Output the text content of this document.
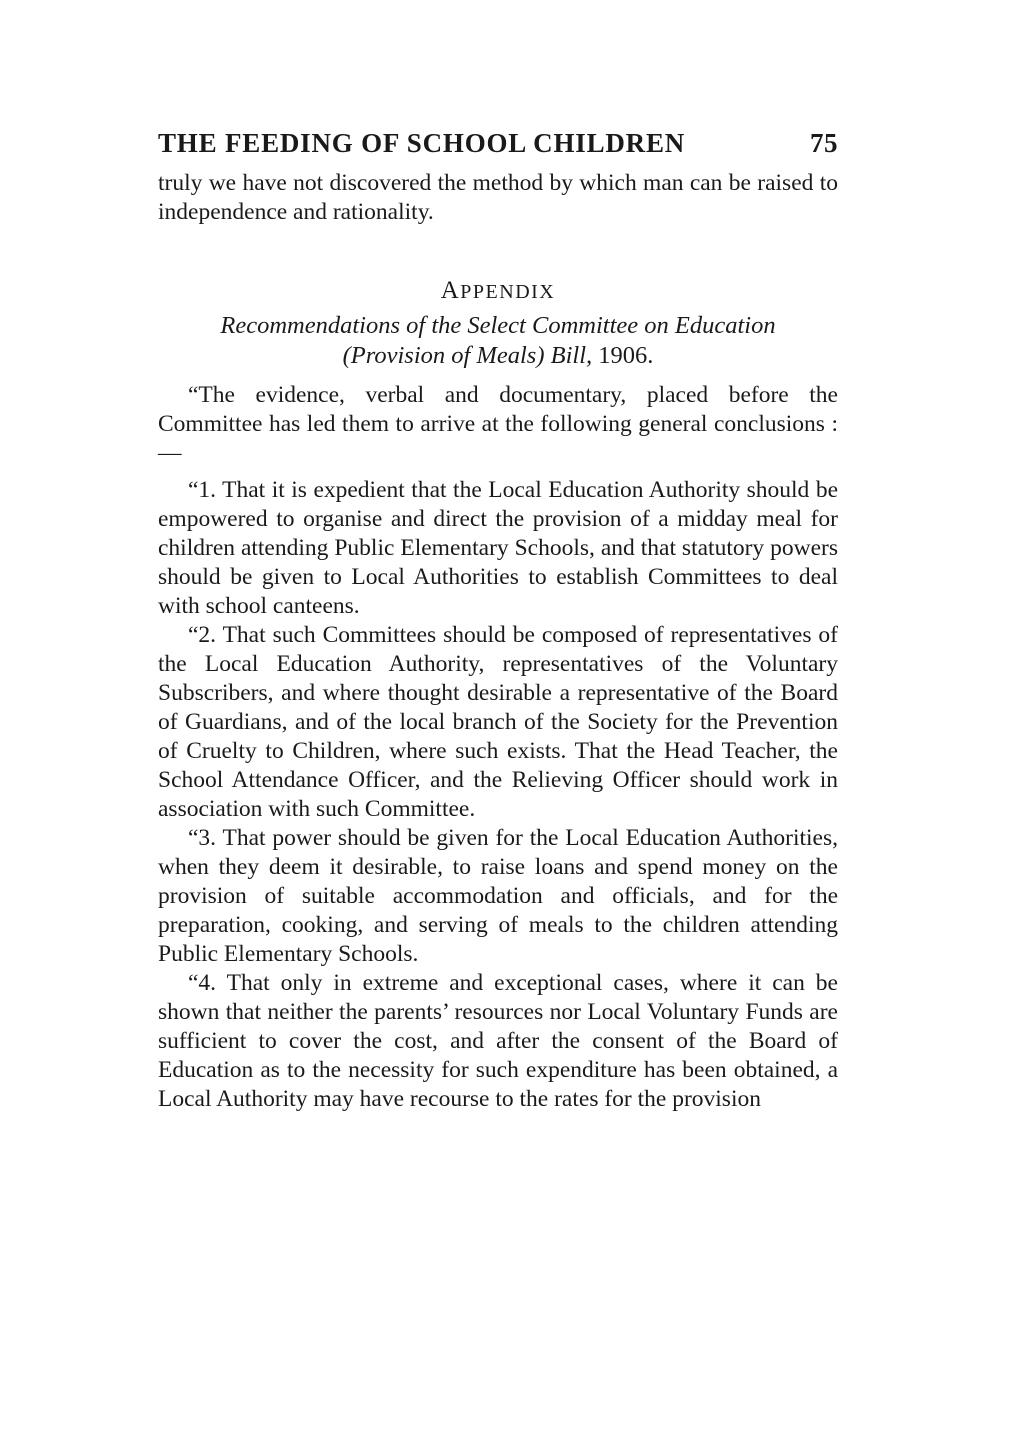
THE FEEDING OF SCHOOL CHILDREN	75

truly we have not discovered the method by which man can be raised to independence and rationality.

APPENDIX
Recommendations of the Select Committee on Education
(Provision of Meals) Bill, 1906.

“The evidence, verbal and documentary, placed before the Committee has led them to arrive at the following general conclusions :—

“1. That it is expedient that the Local Education Authority should be empowered to organise and direct the provision of a midday meal for children attending Public Elementary Schools, and that statutory powers should be given to Local Authorities to establish Committees to deal with school canteens.

“2. That such Committees should be composed of representatives of the Local Education Authority, representatives of the Voluntary Subscribers, and where thought desirable a representative of the Board of Guardians, and of the local branch of the Society for the Prevention of Cruelty to Children, where such exists. That the Head Teacher, the School Attendance Officer, and the Relieving Officer should work in association with such Committee.

“3. That power should be given for the Local Education Authorities, when they deem it desirable, to raise loans and spend money on the provision of suitable accommodation and officials, and for the preparation, cooking, and serving of meals to the children attending Public Elementary Schools.

“4. That only in extreme and exceptional cases, where it can be shown that neither the parents’ resources nor Local Voluntary Funds are sufficient to cover the cost, and after the consent of the Board of Education as to the necessity for such expenditure has been obtained, a Local Authority may have recourse to the rates for the provision
